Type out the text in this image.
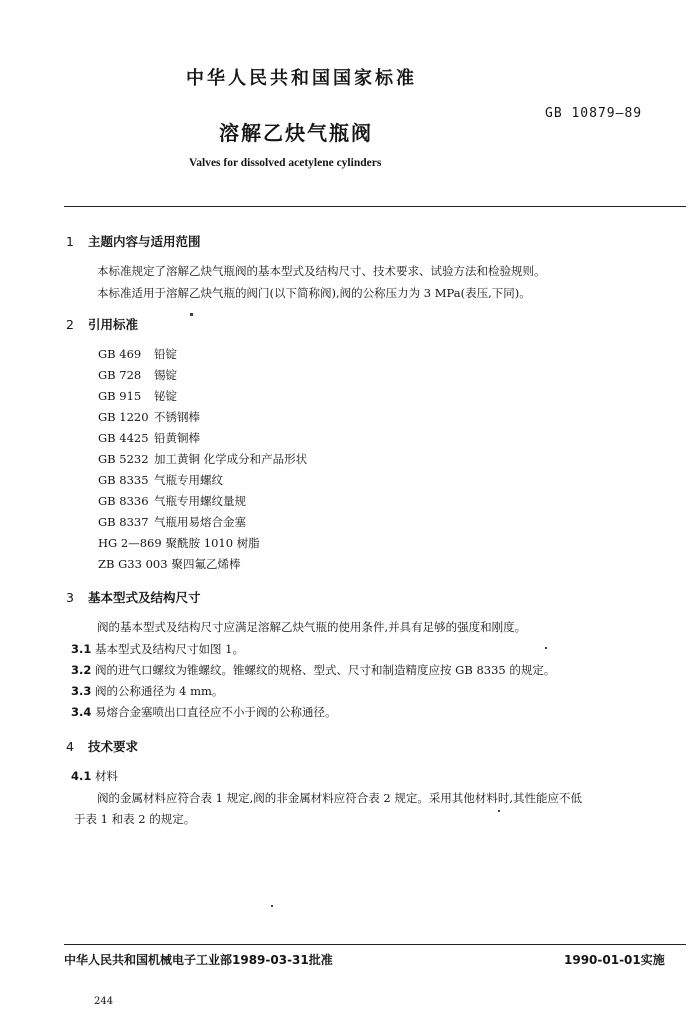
中华人民共和国国家标准
GB 10879—89
溶解乙炔气瓶阀
Valves for dissolved acetylene cylinders
1 主题内容与适用范围
本标准规定了溶解乙炔气瓶阀的基本型式及结构尺寸、技术要求、试验方法和检验规则。
本标准适用于溶解乙炔气瓶的阀门(以下简称阀),阀的公称压力为 3 MPa(表压,下同)。
2 引用标准
GB 469 铅锭
GB 728 锡锭
GB 915 铋锭
GB 1220 不锈钢棒
GB 4425 铅黄铜棒
GB 5232 加工黄铜 化学成分和产品形状
GB 8335 气瓶专用螺纹
GB 8336 气瓶专用螺纹量规
GB 8337 气瓶用易熔合金塞
HG 2—869 聚酰胺 1010 树脂
ZB G33 003 聚四氟乙烯棒
3 基本型式及结构尺寸
阀的基本型式及结构尺寸应满足溶解乙炔气瓶的使用条件,并具有足够的强度和刚度。
3.1 基本型式及结构尺寸如图 1。
3.2 阀的进气口螺纹为锥螺纹。锥螺纹的规格、型式、尺寸和制造精度应按 GB 8335 的规定。
3.3 阀的公称通径为 4 mm。
3.4 易熔合金塞喷出口直径应不小于阀的公称通径。
4 技术要求
4.1 材料
阀的金属材料应符合表 1 规定,阀的非金属材料应符合表 2 规定。采用其他材料时,其性能应不低
于表 1 和表 2 的规定。
中华人民共和国机械电子工业部1989-03-31批准	1990-01-01实施
244
